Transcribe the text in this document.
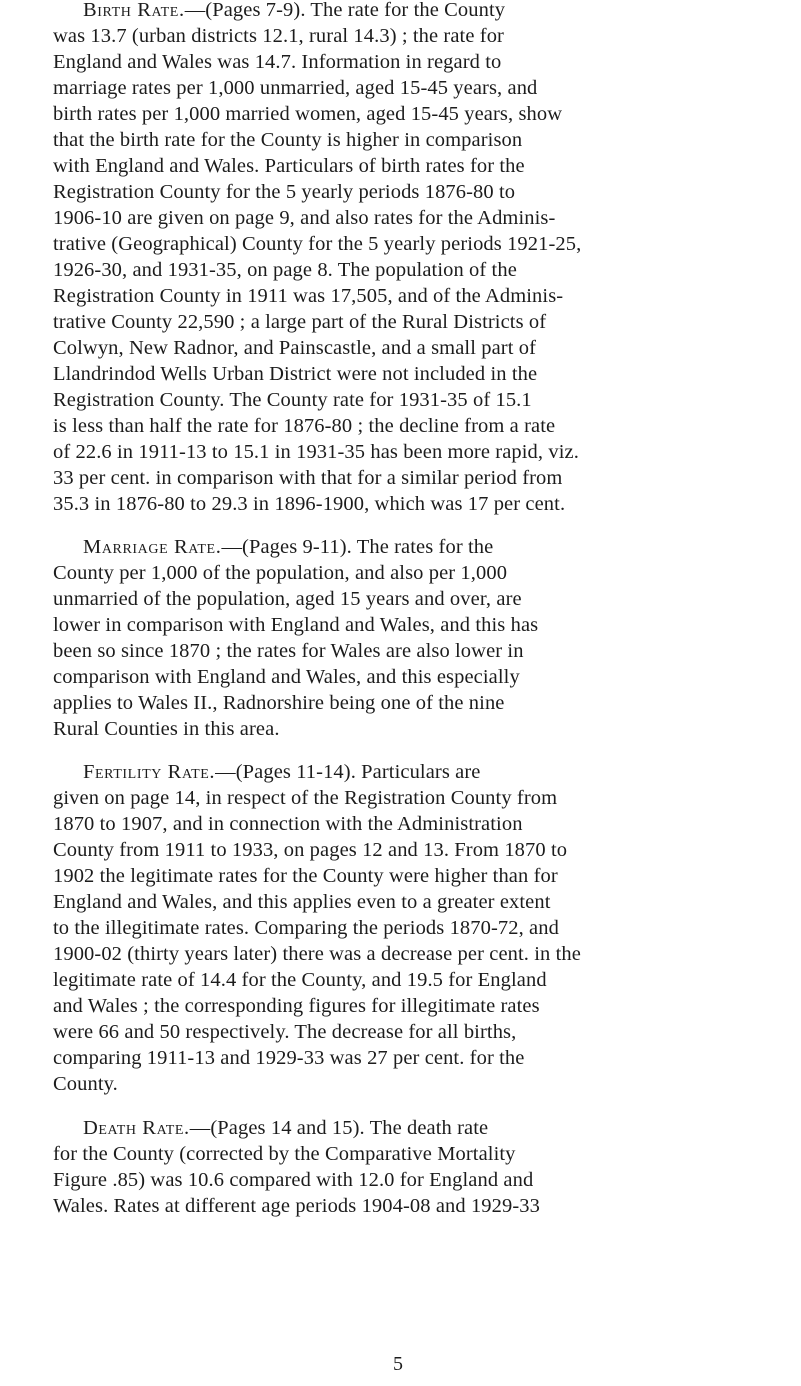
Birth Rate.—(Pages 7-9). The rate for the County
was 13.7 (urban districts 12.1, rural 14.3) ; the rate for
England and Wales was 14.7. Information in regard to
marriage rates per 1,000 unmarried, aged 15-45 years, and
birth rates per 1,000 married women, aged 15-45 years, show
that the birth rate for the County is higher in comparison
with England and Wales. Particulars of birth rates for the
Registration County for the 5 yearly periods 1876-80 to
1906-10 are given on page 9, and also rates for the Adminis-
trative (Geographical) County for the 5 yearly periods 1921-25,
1926-30, and 1931-35, on page 8. The population of the
Registration County in 1911 was 17,505, and of the Adminis-
trative County 22,590 ; a large part of the Rural Districts of
Colwyn, New Radnor, and Painscastle, and a small part of
Llandrindod Wells Urban District were not included in the
Registration County. The County rate for 1931-35 of 15.1
is less than half the rate for 1876-80 ; the decline from a rate
of 22.6 in 1911-13 to 15.1 in 1931-35 has been more rapid, viz.
33 per cent. in comparison with that for a similar period from
35.3 in 1876-80 to 29.3 in 1896-1900, which was 17 per cent.
Marriage Rate.—(Pages 9-11). The rates for the
County per 1,000 of the population, and also per 1,000
unmarried of the population, aged 15 years and over, are
lower in comparison with England and Wales, and this has
been so since 1870 ; the rates for Wales are also lower in
comparison with England and Wales, and this especially
applies to Wales II., Radnorshire being one of the nine
Rural Counties in this area.
Fertility Rate.—(Pages 11-14). Particulars are
given on page 14, in respect of the Registration County from
1870 to 1907, and in connection with the Administration
County from 1911 to 1933, on pages 12 and 13. From 1870 to
1902 the legitimate rates for the County were higher than for
England and Wales, and this applies even to a greater extent
to the illegitimate rates. Comparing the periods 1870-72, and
1900-02 (thirty years later) there was a decrease per cent. in the
legitimate rate of 14.4 for the County, and 19.5 for England
and Wales ; the corresponding figures for illegitimate rates
were 66 and 50 respectively. The decrease for all births,
comparing 1911-13 and 1929-33 was 27 per cent. for the
County.
Death Rate.—(Pages 14 and 15). The death rate
for the County (corrected by the Comparative Mortality
Figure .85) was 10.6 compared with 12.0 for England and
Wales. Rates at different age periods 1904-08 and 1929-33
5
